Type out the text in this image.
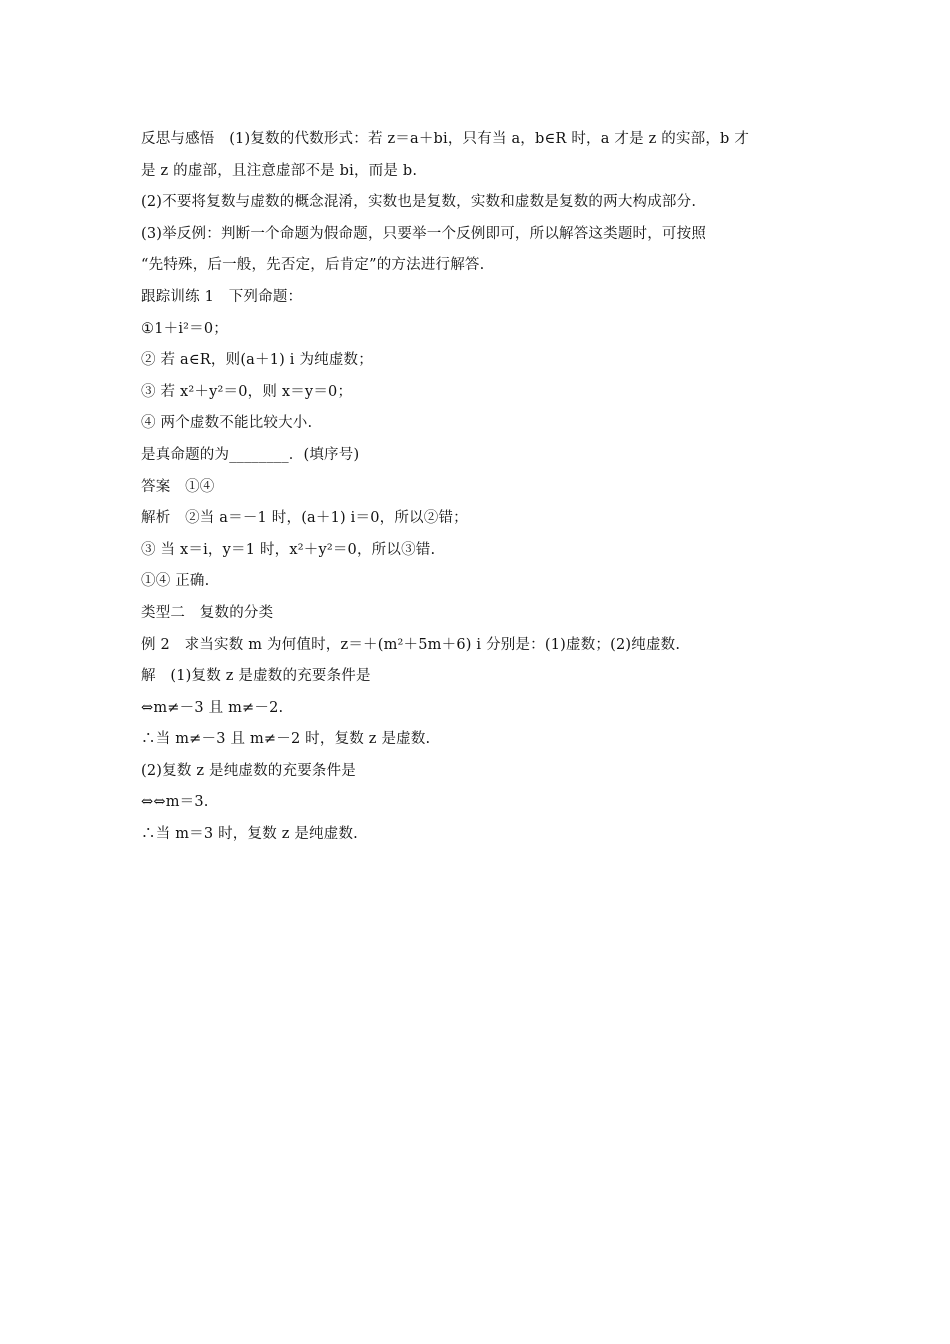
反思与感悟　(1)复数的代数形式：若 z＝a＋bi，只有当 a，b∈R 时，a 才是 z 的实部，b 才
是 z 的虚部，且注意虚部不是 bi，而是 b.
(2)不要将复数与虚数的概念混淆，实数也是复数，实数和虚数是复数的两大构成部分.
(3)举反例：判断一个命题为假命题，只要举一个反例即可，所以解答这类题时，可按照
“先特殊，后一般，先否定，后肯定”的方法进行解答.
跟踪训练 1　下列命题：
①1＋i²＝0；
② 若 a∈R，则(a＋1) i 为纯虚数；
③ 若 x²＋y²＝0，则 x＝y＝0；
④ 两个虚数不能比较大小.
是真命题的为________．(填序号)
答案　①④
解析　②当 a＝－1 时，(a＋1) i＝0，所以②错；
③ 当 x＝i，y＝1 时，x²＋y²＝0，所以③错.
①④ 正确.
类型二　复数的分类
例 2　求当实数 m 为何值时，z＝＋(m²＋5m＋6) i 分别是：(1)虚数；(2)纯虚数.
解　(1)复数 z 是虚数的充要条件是
⇔m≠－3 且 m≠－2.
∴当 m≠－3 且 m≠－2 时，复数 z 是虚数.
(2)复数 z 是纯虚数的充要条件是
⇔⇔m＝3.
∴当 m＝3 时，复数 z 是纯虚数.
